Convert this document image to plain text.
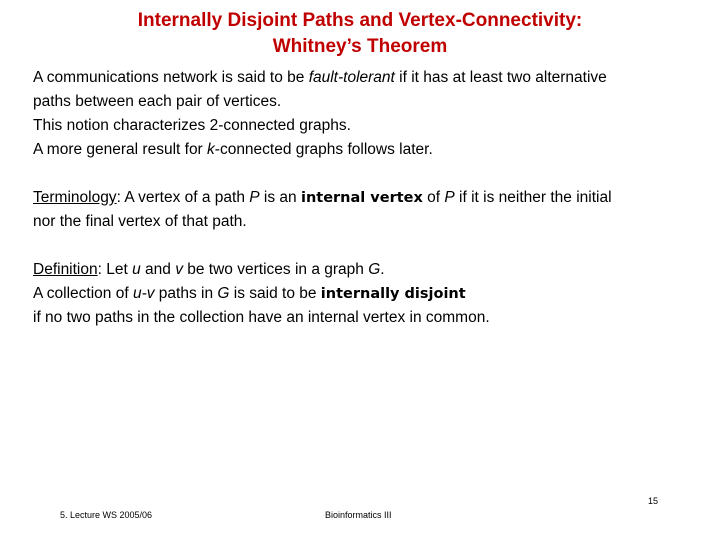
Internally Disjoint Paths and Vertex-Connectivity:
Whitney’s Theorem

A communications network is said to be fault-tolerant if it has at least two alternative

paths between each pair of vertices.

This notion characterizes 2-connected graphs.

A more general result for k-connected graphs follows later.

Terminology: A vertex of a path P is an internal vertex of P if it is neither the initial

nor the final vertex of that path.

Definition: Let u and v be two vertices in a graph G.

A collection of u-v paths in G is said to be internally disjoint

if no two paths in the collection have an internal vertex in common.

15
5. Lecture WS 2005/06	Bioinformatics III
